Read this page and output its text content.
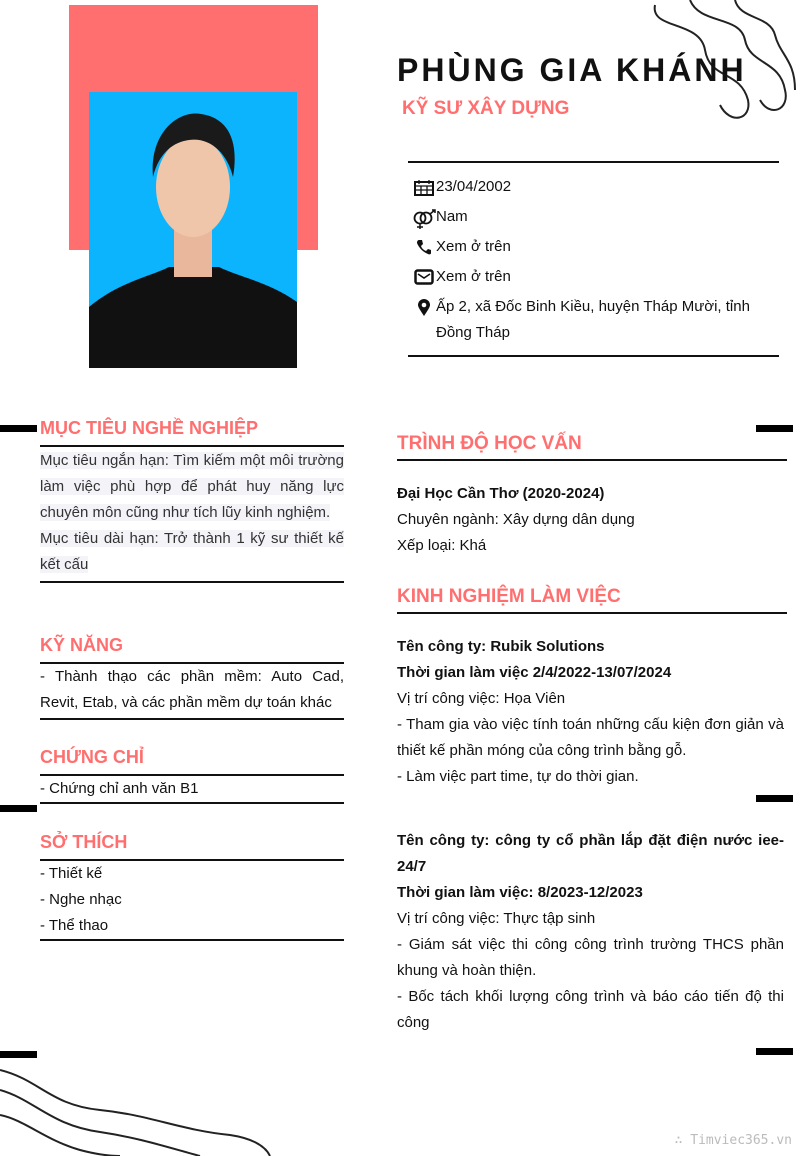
PHÙNG GIA KHÁNH
KỸ SƯ XÂY DỰNG
23/04/2002
Nam
Xem ở trên
Xem ở trên
Ấp 2, xã Đốc Binh Kiều, huyện Tháp Mười, tỉnh Đồng Tháp
MỤC TIÊU NGHỀ NGHIỆP
Mục tiêu ngắn hạn: Tìm kiếm một môi trường làm việc phù hợp để phát huy năng lực chuyên môn cũng như tích lũy kinh nghiệm.
Mục tiêu dài hạn: Trở thành 1 kỹ sư thiết kế kết cấu
KỸ NĂNG
- Thành thạo các phần mềm: Auto Cad, Revit, Etab, và các phần mềm dự toán khác
CHỨNG CHỈ
- Chứng chỉ anh văn B1
SỞ THÍCH
- Thiết kế
- Nghe nhạc
- Thể thao
TRÌNH ĐỘ HỌC VẤN
Đại Học Cần Thơ (2020-2024)
Chuyên ngành: Xây dựng dân dụng
Xếp loại: Khá
KINH NGHIỆM LÀM VIỆC
Tên công ty: Rubik Solutions
Thời gian làm việc 2/4/2022-13/07/2024
Vị trí công việc: Họa Viên
- Tham gia vào việc tính toán những cấu kiện đơn giản và thiết kế phần móng của công trình bằng gỗ.
- Làm việc part time, tự do thời gian.
Tên công ty: công ty cổ phần lắp đặt điện nước iee-24/7
Thời gian làm việc: 8/2023-12/2023
Vị trí công việc: Thực tập sinh
- Giám sát việc thi công công trình trường THCS phần khung và hoàn thiện.
- Bốc tách khối lượng công trình và báo cáo tiến độ thi công
∴ Timviec365.vn
